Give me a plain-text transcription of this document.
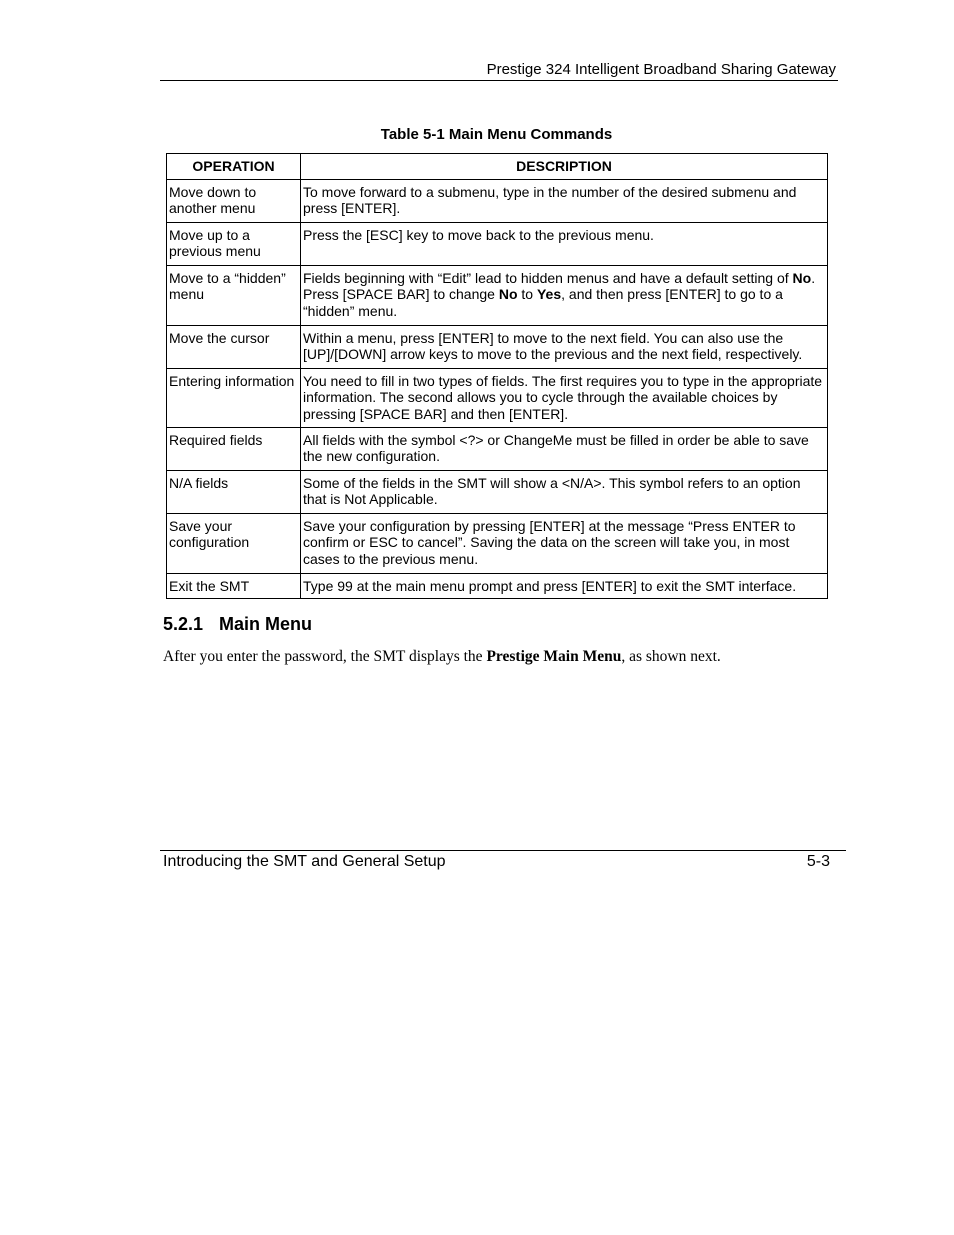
Prestige 324 Intelligent Broadband Sharing Gateway
Table 5-1 Main Menu Commands
OPERATION	DESCRIPTION
Move down to another menu	To move forward to a submenu, type in the number of the desired submenu and press [ENTER].
Move up to a previous menu	Press the [ESC] key to move back to the previous menu.
Move to a “hidden” menu	Fields beginning with “Edit” lead to hidden menus and have a default setting of No. Press [SPACE BAR] to change No to Yes, and then press [ENTER] to go to a “hidden” menu.
Move the cursor	Within a menu, press [ENTER] to move to the next field. You can also use the [UP]/[DOWN] arrow keys to move to the previous and the next field, respectively.
Entering information	You need to fill in two types of fields. The first requires you to type in the appropriate information. The second allows you to cycle through the available choices by pressing [SPACE BAR] and then [ENTER].
Required fields	All fields with the symbol <?> or ChangeMe must be filled in order be able to save the new configuration.
N/A fields	Some of the fields in the SMT will show a <N/A>. This symbol refers to an option that is Not Applicable.
Save your configuration	Save your configuration by pressing [ENTER] at the message “Press ENTER to confirm or ESC to cancel”. Saving the data on the screen will take you, in most cases to the previous menu.
Exit the SMT	Type 99 at the main menu prompt and press [ENTER] to exit the SMT interface.
5.2.1 Main Menu
After you enter the password, the SMT displays the Prestige Main Menu, as shown next.
Introducing the SMT and General Setup	5-3
